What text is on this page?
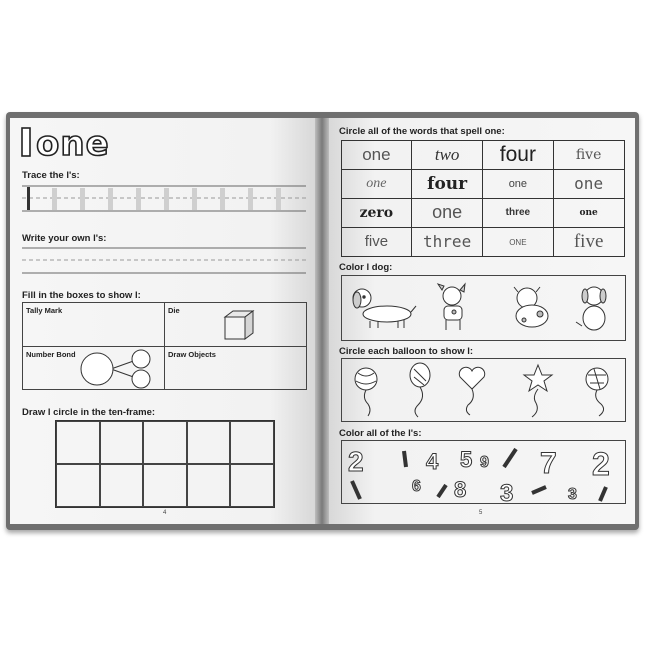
one
Trace the l's:
Write your own l's:
Fill in the boxes to show l:
Tally Mark	Die
Number Bond	Draw Objects
Draw l circle in the ten-frame:
4
Circle all of the words that spell one:
one	two	four	five
one	four	one	one
zero	one	three	one
five	three	one	five
Color l dog:
Circle each balloon to show l:
Color all of the l's:
2	4 5 9 7 2
6 8 3	3
5
